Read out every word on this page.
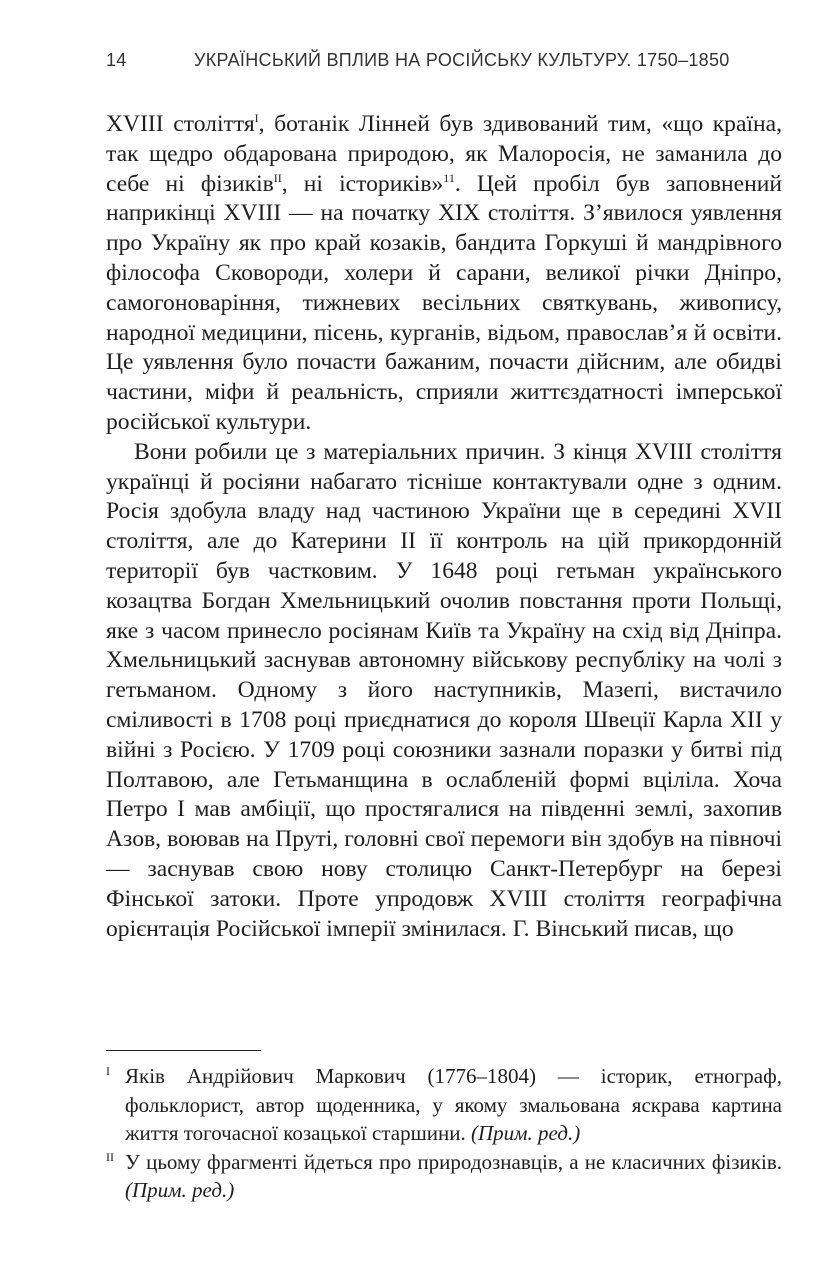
14	УКРАЇНСЬКИЙ ВПЛИВ НА РОСІЙСЬКУ КУЛЬТУРУ. 1750–1850

XVIII століття$^I$, ботанік Лінней був здивований тим, «що країна, так щедро обдарована природою, як Малоросія, не заманила до себе ні фізиків$^{II}$, ні істориків»$^{11}$. Цей пробіл був заповнений наприкінці XVIII — на початку XIX століття. З’явилося уявлення про Україну як про край козаків, бандита Горкуші й мандрівного філософа Сковороди, холери й сарани, великої річки Дніпро, самогоноваріння, тижневих весільних святкувань, живопису, народної медицини, пісень, курганів, відьом, православ’я й освіти. Це уявлення було почасти бажаним, почасти дійсним, але обидві частини, міфи й реальність, сприяли життєздатності імперської російської культури.

Вони робили це з матеріальних причин. З кінця XVIII століття українці й росіяни набагато тісніше контактували одне з одним. Росія здобула владу над частиною України ще в середині XVII століття, але до Катерини II її контроль на цій прикордонній території був частковим. У 1648 році гетьман українського козацтва Богдан Хмельницький очолив повстання проти Польщі, яке з часом принесло росіянам Київ та Україну на схід від Дніпра. Хмельницький заснував автономну військову республіку на чолі з гетьманом. Одному з його наступників, Мазепі, вистачило сміливості в 1708 році приєднатися до короля Швеції Карла XII у війні з Росією. У 1709 році союзники зазнали поразки у битві під Полтавою, але Гетьманщина в ослабленій формі вціліла. Хоча Петро I мав амбіції, що простягалися на південні землі, захопив Азов, воював на Пруті, головні свої перемоги він здобув на півночі — заснував свою нову столицю Санкт-Петербург на березі Фінської затоки. Проте упродовж XVIII століття географічна орієнтація Російської імперії змінилася. Г. Вінський писав, що

I Яків Андрійович Маркович (1776–1804) — історик, етнограф, фольклорист, автор щоденника, у якому змальована яскрава картина життя тогочасної козацької старшини. (Прим. ред.)

II У цьому фрагменті йдеться про природознавців, а не класичних фізиків. (Прим. ред.)
